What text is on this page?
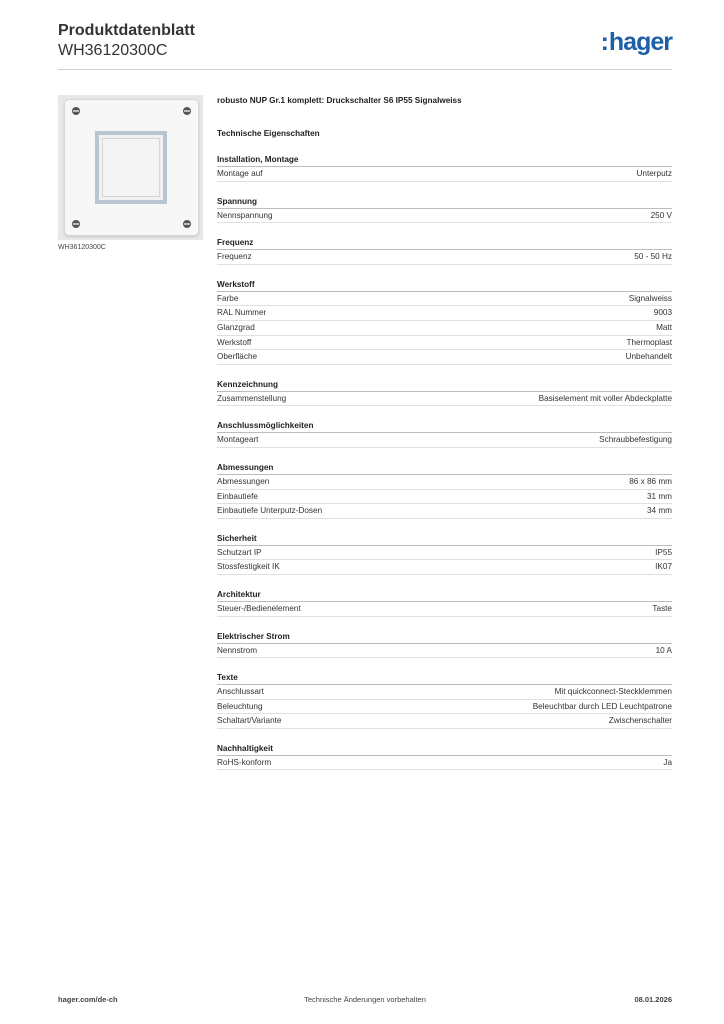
Produktdatenblatt
WH36120300C	:hager
WH36120300C
robusto NUP Gr.1 komplett: Druckschalter S6 IP55 Signalweiss
Technische Eigenschaften
Installation, Montage
Montage auf	Unterputz
Spannung
Nennspannung	250 V
Frequenz
Frequenz	50 - 50 Hz
Werkstoff
Farbe	Signalweiss
RAL Nummer	9003
Glanzgrad	Matt
Werkstoff	Thermoplast
Oberfläche	Unbehandelt
Kennzeichnung
Zusammenstellung	Basiselement mit voller Abdeckplatte
Anschlussmöglichkeiten
Montageart	Schraubbefestigung
Abmessungen
Abmessungen	86 x 86 mm
Einbautiefe	31 mm
Einbautiefe Unterputz-Dosen	34 mm
Sicherheit
Schutzart IP	IP55
Stossfestigkeit IK	IK07
Architektur
Steuer-/Bedienelement	Taste
Elektrischer Strom
Nennstrom	10 A
Texte
Anschlussart	Mit quickconnect-Steckklemmen
Beleuchtung	Beleuchtbar durch LED Leuchtpatrone
Schaltart/Variante	Zwischenschalter
Nachhaltigkeit
RoHS-konform	Ja
hager.com/de-ch	Technische Änderungen vorbehalten	08.01.2026
